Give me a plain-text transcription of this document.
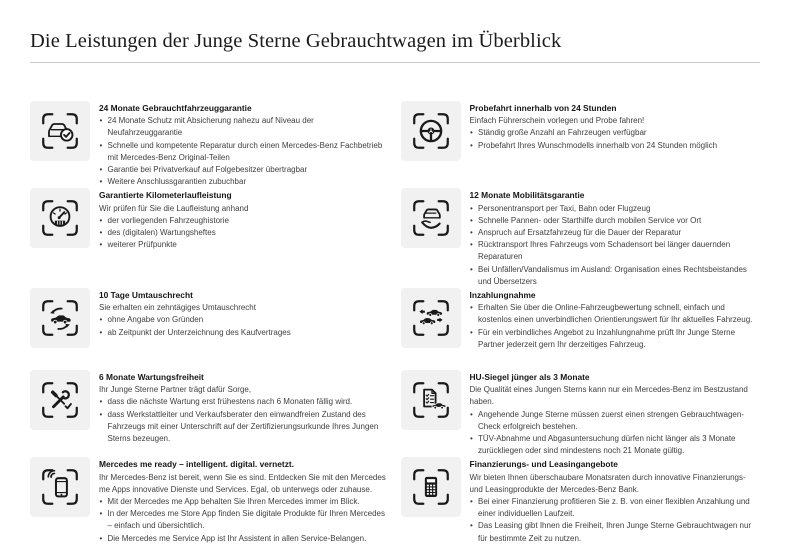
Die Leistungen der Junge Sterne Gebrauchtwagen im Überblick
24 Monate Gebrauchtfahrzeuggarantie
• 24 Monate Schutz mit Absicherung nahezu auf Niveau der Neufahrzeuggarantie
• Schnelle und kompetente Reparatur durch einen Mercedes-Benz Fachbetrieb mit Mercedes-Benz Original-Teilen
• Garantie bei Privatverkauf auf Folgebesitzer übertragbar
• Weitere Anschlussgarantien zubuchbar
Probefahrt innerhalb von 24 Stunden
Einfach Führerschein vorlegen und Probe fahren!
• Ständig große Anzahl an Fahrzeugen verfügbar
• Probefahrt Ihres Wunschmodells innerhalb von 24 Stunden möglich
Garantierte Kilometerlaufleistung
Wir prüfen für Sie die Laufleistung anhand
• der vorliegenden Fahrzeughistorie
• des (digitalen) Wartungsheftes
• weiterer Prüfpunkte
12 Monate Mobilitätsgarantie
• Personentransport per Taxi, Bahn oder Flugzeug
• Schnelle Pannen- oder Starthilfe durch mobilen Service vor Ort
• Anspruch auf Ersatzfahrzeug für die Dauer der Reparatur
• Rücktransport Ihres Fahrzeugs vom Schadensort bei länger dauernden Reparaturen
• Bei Unfällen/Vandalismus im Ausland: Organisation eines Rechtsbeistandes und Übersetzers
10 Tage Umtauschrecht
Sie erhalten ein zehntägiges Umtauschrecht
• ohne Angabe von Gründen
• ab Zeitpunkt der Unterzeichnung des Kaufvertrages
Inzahlungnahme
• Erhalten Sie über die Online-Fahrzeugbewertung schnell, einfach und kostenlos einen unverbindlichen Orientierungswert für Ihr aktuelles Fahrzeug.
• Für ein verbindliches Angebot zu Inzahlungnahme prüft Ihr Junge Sterne Partner jederzeit gern Ihr derzeitiges Fahrzeug.
6 Monate Wartungsfreiheit
Ihr Junge Sterne Partner trägt dafür Sorge,
• dass die nächste Wartung erst frühestens nach 6 Monaten fällig wird.
• dass Werkstattleiter und Verkaufsberater den einwandfreien Zustand des Fahrzeugs mit einer Unterschrift auf der Zertifizierungsurkunde Ihres Jungen Sterns bezeugen.
HU-Siegel jünger als 3 Monate
Die Qualität eines Jungen Sterns kann nur ein Mercedes-Benz im Bestzustand haben.
• Angehende Junge Sterne müssen zuerst einen strengen Gebrauchtwagen-Check erfolgreich bestehen.
• TÜV-Abnahme und Abgasuntersuchung dürfen nicht länger als 3 Monate zurückliegen oder sind mindestens noch 21 Monate gültig.
Mercedes me ready – intelligent. digital. vernetzt.
Ihr Mercedes-Benz ist bereit, wenn Sie es sind. Entdecken Sie mit den Mercedes me Apps innovative Dienste und Services. Egal, ob unterwegs oder zuhause.
• Mit der Mercedes me App behalten Sie Ihren Mercedes immer im Blick.
• In der Mercedes me Store App finden Sie digitale Produkte für Ihren Mercedes – einfach und übersichtlich.
• Die Mercedes me Service App ist Ihr Assistent in allen Service-Belangen.
Finanzierungs- und Leasingangebote
Wir bieten Ihnen überschaubare Monatsraten durch innovative Finanzierungs- und Leasingprodukte der Mercedes-Benz Bank.
• Bei einer Finanzierung profitieren Sie z. B. von einer flexiblen Anzahlung und einer individuellen Laufzeit.
• Das Leasing gibt Ihnen die Freiheit, Ihren Junge Sterne Gebrauchtwagen nur für bestimmte Zeit zu nutzen.
